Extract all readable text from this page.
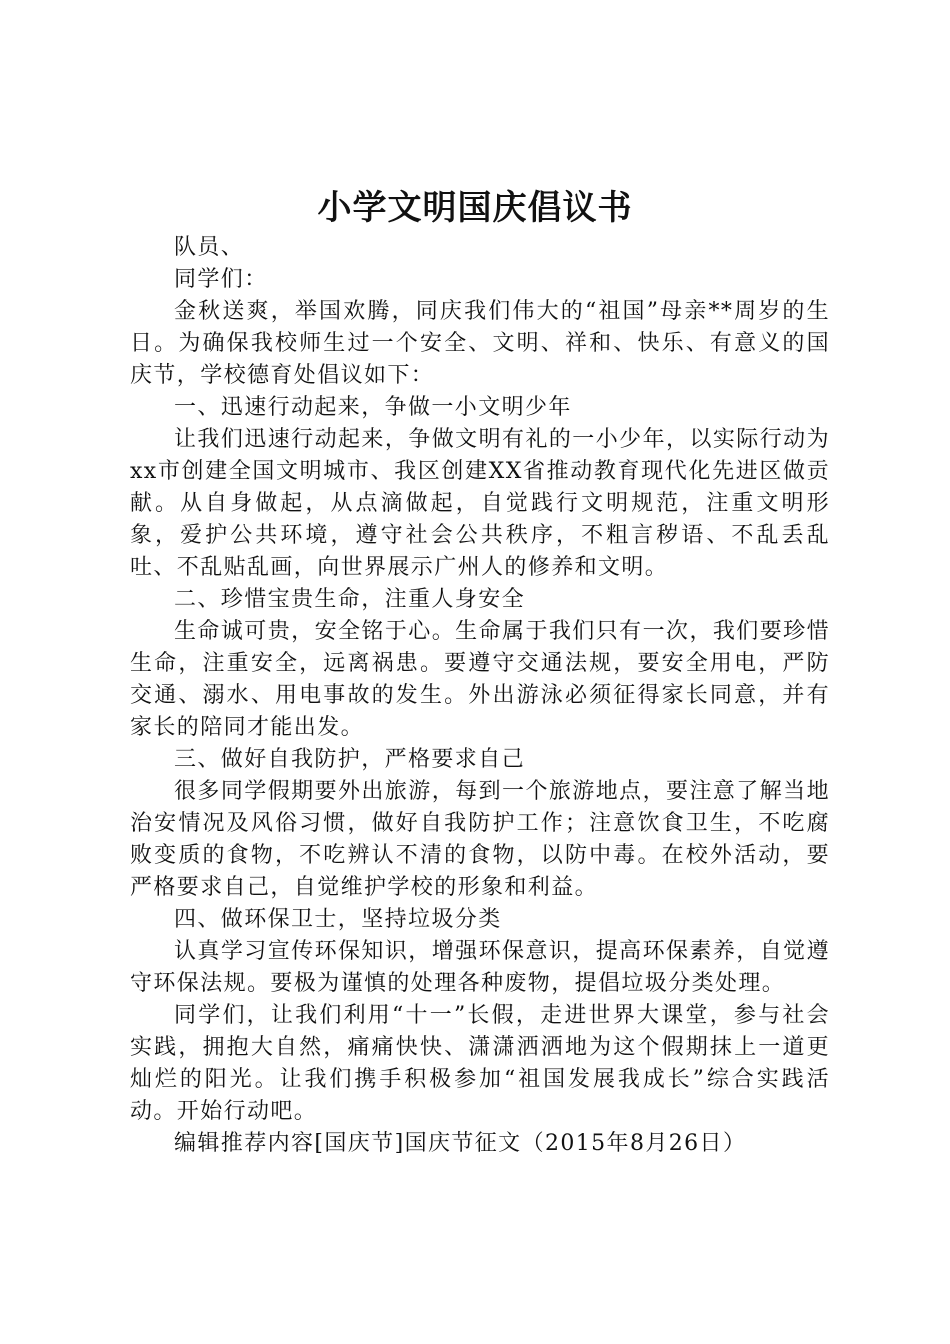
小学文明国庆倡议书

队员、

同学们：

金秋送爽，举国欢腾，同庆我们伟大的“祖国”母亲**周岁的生日。为确保我校师生过一个安全、文明、祥和、快乐、有意义的国庆节，学校德育处倡议如下：

一、迅速行动起来，争做一小文明少年

让我们迅速行动起来，争做文明有礼的一小少年，以实际行动为xx市创建全国文明城市、我区创建XX省推动教育现代化先进区做贡献。从自身做起，从点滴做起，自觉践行文明规范，注重文明形象，爱护公共环境，遵守社会公共秩序，不粗言秽语、不乱丢乱吐、不乱贴乱画，向世界展示广州人的修养和文明。

二、珍惜宝贵生命，注重人身安全

生命诚可贵，安全铭于心。生命属于我们只有一次，我们要珍惜生命，注重安全，远离祸患。要遵守交通法规，要安全用电，严防交通、溺水、用电事故的发生。外出游泳必须征得家长同意，并有家长的陪同才能出发。

三、做好自我防护，严格要求自己

很多同学假期要外出旅游，每到一个旅游地点，要注意了解当地治安情况及风俗习惯，做好自我防护工作；注意饮食卫生，不吃腐败变质的食物，不吃辨认不清的食物，以防中毒。在校外活动，要严格要求自己，自觉维护学校的形象和利益。

四、做环保卫士，坚持垃圾分类

认真学习宣传环保知识，增强环保意识，提高环保素养，自觉遵守环保法规。要极为谨慎的处理各种废物，提倡垃圾分类处理。

同学们，让我们利用“十一”长假，走进世界大课堂，参与社会实践，拥抱大自然，痛痛快快、潇潇洒洒地为这个假期抹上一道更灿烂的阳光。让我们携手积极参加“祖国发展我成长”综合实践活动。开始行动吧。

编辑推荐内容[国庆节]国庆节征文（2015年8月26日）
